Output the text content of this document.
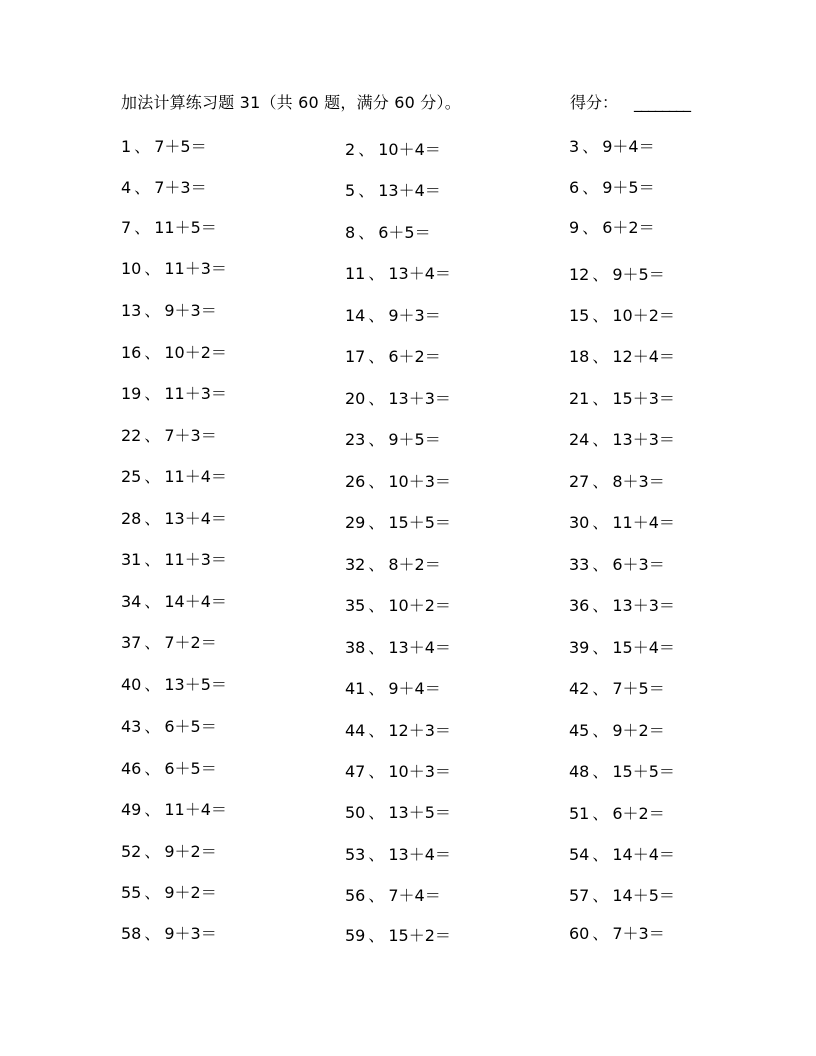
加法计算练习题 31（共 60 题，满分 60 分）。	得分： ________
1 、 7＋5＝	2 、 10＋4＝	3 、 9＋4＝
4 、 7＋3＝	5 、 13＋4＝	6 、 9＋5＝
7 、 11＋5＝	8 、 6＋5＝	9 、 6＋2＝
10 、 11＋3＝	11 、 13＋4＝	12 、 9＋5＝
13 、 9＋3＝	14 、 9＋3＝	15 、 10＋2＝
16 、 10＋2＝	17 、 6＋2＝	18 、 12＋4＝
19 、 11＋3＝	20 、 13＋3＝	21 、 15＋3＝
22 、 7＋3＝	23 、 9＋5＝	24 、 13＋3＝
25 、 11＋4＝	26 、 10＋3＝	27 、 8＋3＝
28 、 13＋4＝	29 、 15＋5＝	30 、 11＋4＝
31 、 11＋3＝	32 、 8＋2＝	33 、 6＋3＝
34 、 14＋4＝	35 、 10＋2＝	36 、 13＋3＝
37 、 7＋2＝	38 、 13＋4＝	39 、 15＋4＝
40 、 13＋5＝	41 、 9＋4＝	42 、 7＋5＝
43 、 6＋5＝	44 、 12＋3＝	45 、 9＋2＝
46 、 6＋5＝	47 、 10＋3＝	48 、 15＋5＝
49 、 11＋4＝	50 、 13＋5＝	51 、 6＋2＝
52 、 9＋2＝	53 、 13＋4＝	54 、 14＋4＝
55 、 9＋2＝	56 、 7＋4＝	57 、 14＋5＝
58 、 9＋3＝	59 、 15＋2＝	60 、 7＋3＝
